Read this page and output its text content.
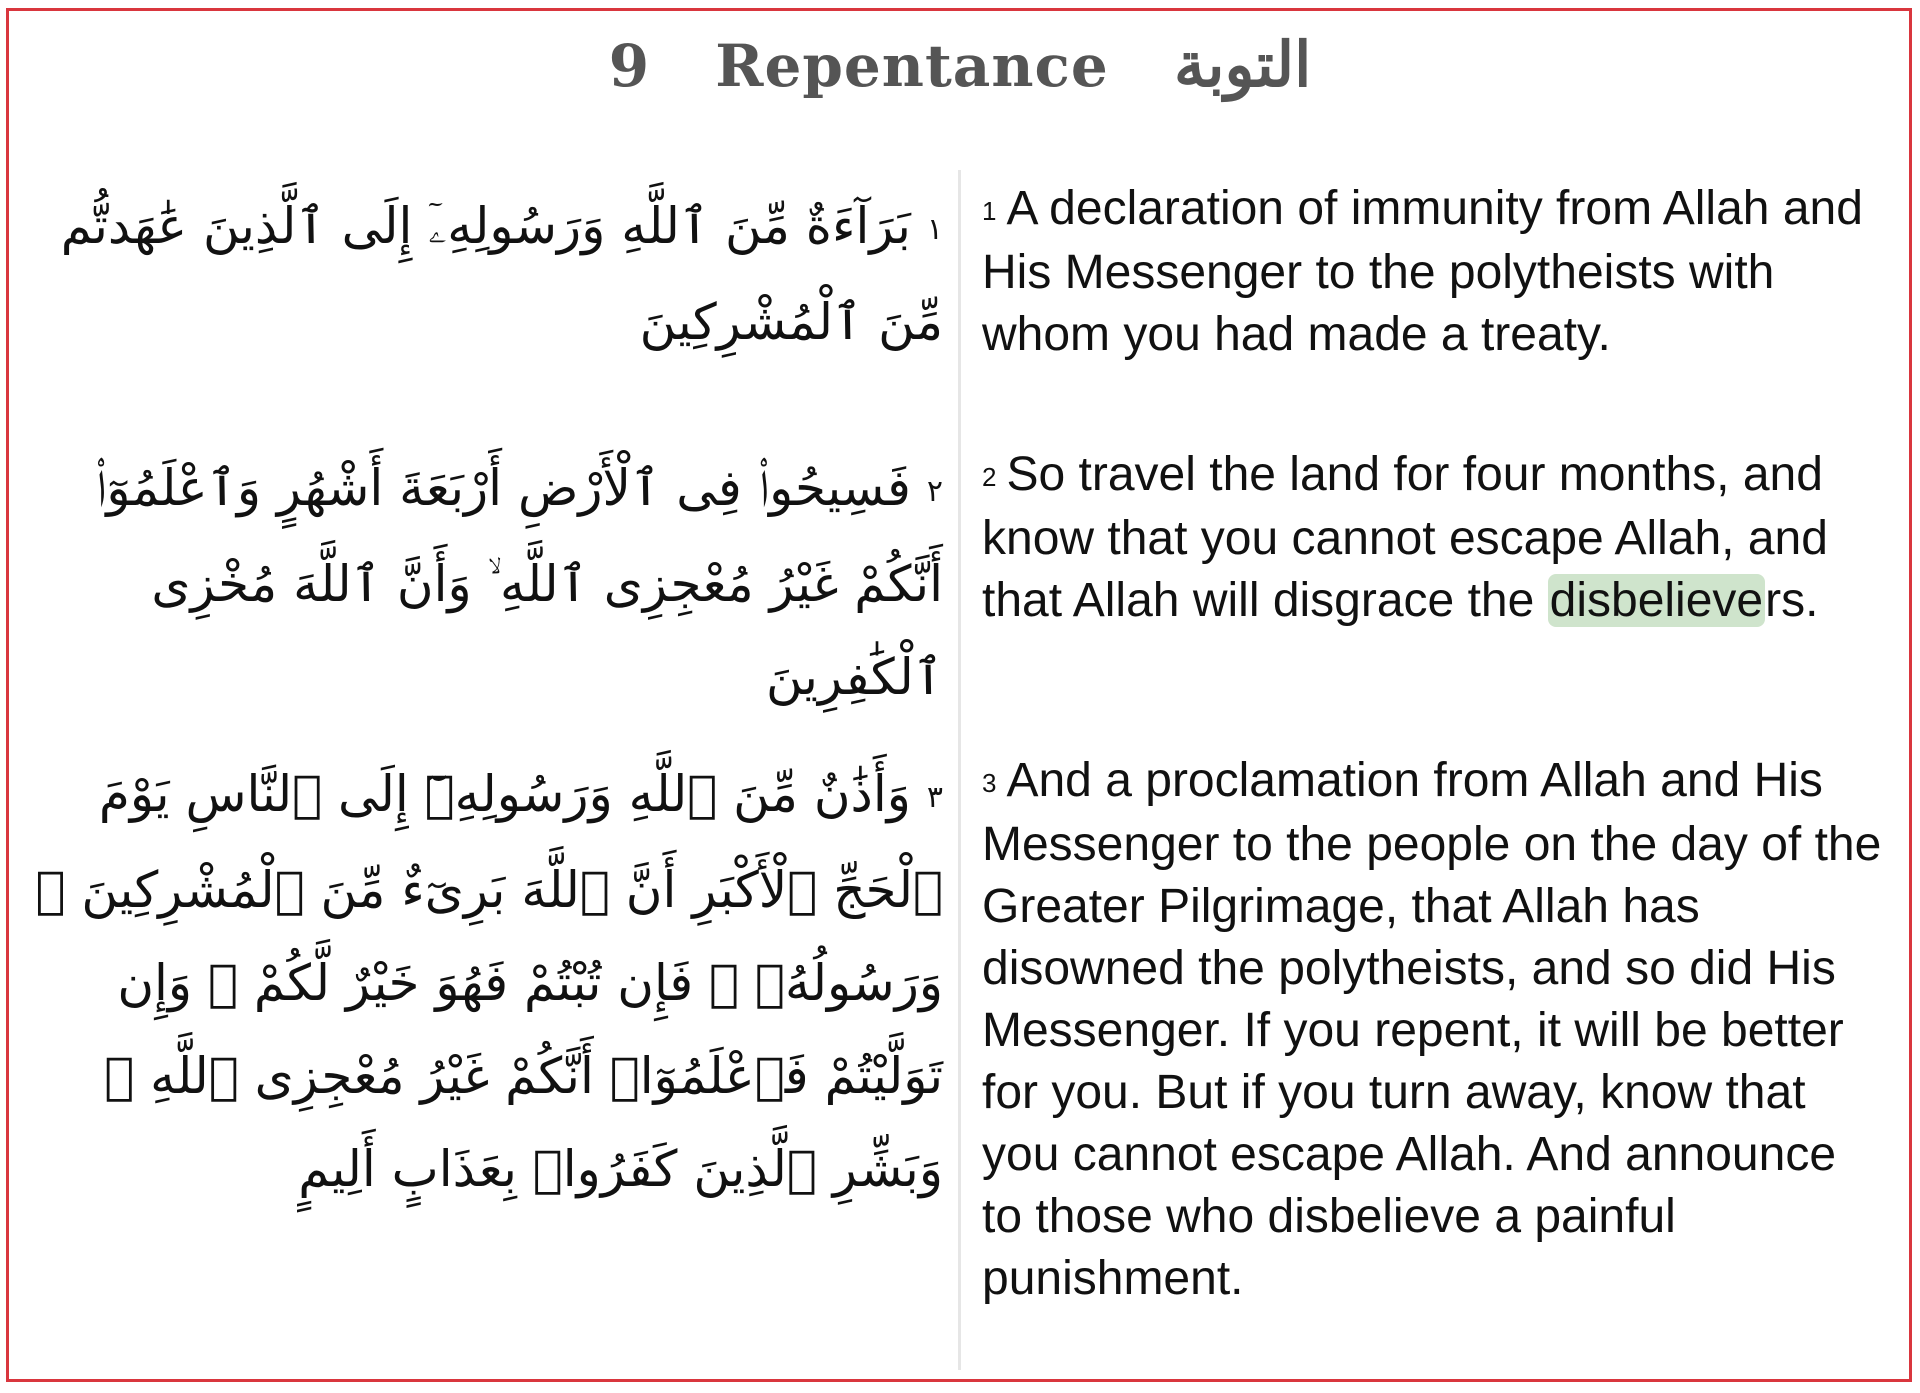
9 Repentance التوبة
١بَرَآءَةٌ مِّنَ ٱللَّهِ وَرَسُولِهِۦٓ إِلَى ٱلَّذِينَ عَٰهَدتُّم مِّنَ ٱلْمُشْرِكِينَ
1 A declaration of immunity from Allah and His Messenger to the polytheists with whom you had made a treaty.
٢فَسِيحُوا۟ فِى ٱلْأَرْضِ أَرْبَعَةَ أَشْهُرٍ وَٱعْلَمُوٓا۟ أَنَّكُمْ غَيْرُ مُعْجِزِى ٱللَّهِ ۙ وَأَنَّ ٱللَّهَ مُخْزِى ٱلْكَٰفِرِينَ
2 So travel the land for four months, and know that you cannot escape Allah, and that Allah will disgrace the disbelievers.
٣وَأَذَٰنٌ مِّنَ ٱللَّهِ وَرَسُولِهِۦٓ إِلَى ٱلنَّاسِ يَوْمَ ٱلْحَجِّ ٱلْأَكْبَرِ أَنَّ ٱللَّهَ بَرِىٓءٌ مِّنَ ٱلْمُشْرِكِينَ ۙ وَرَسُولُهُۥ ۚ فَإِن تُبْتُمْ فَهُوَ خَيْرٌ لَّكُمْ ۖ وَإِن تَوَلَّيْتُمْ فَٱعْلَمُوٓا۟ أَنَّكُمْ غَيْرُ مُعْجِزِى ٱللَّهِ ۗ وَبَشِّرِ ٱلَّذِينَ كَفَرُوا۟ بِعَذَابٍ أَلِيمٍ
3 And a proclamation from Allah and His Messenger to the people on the day of the Greater Pilgrimage, that Allah has disowned the polytheists, and so did His Messenger. If you repent, it will be better for you. But if you turn away, know that you cannot escape Allah. And announce to those who disbelieve a painful punishment.
